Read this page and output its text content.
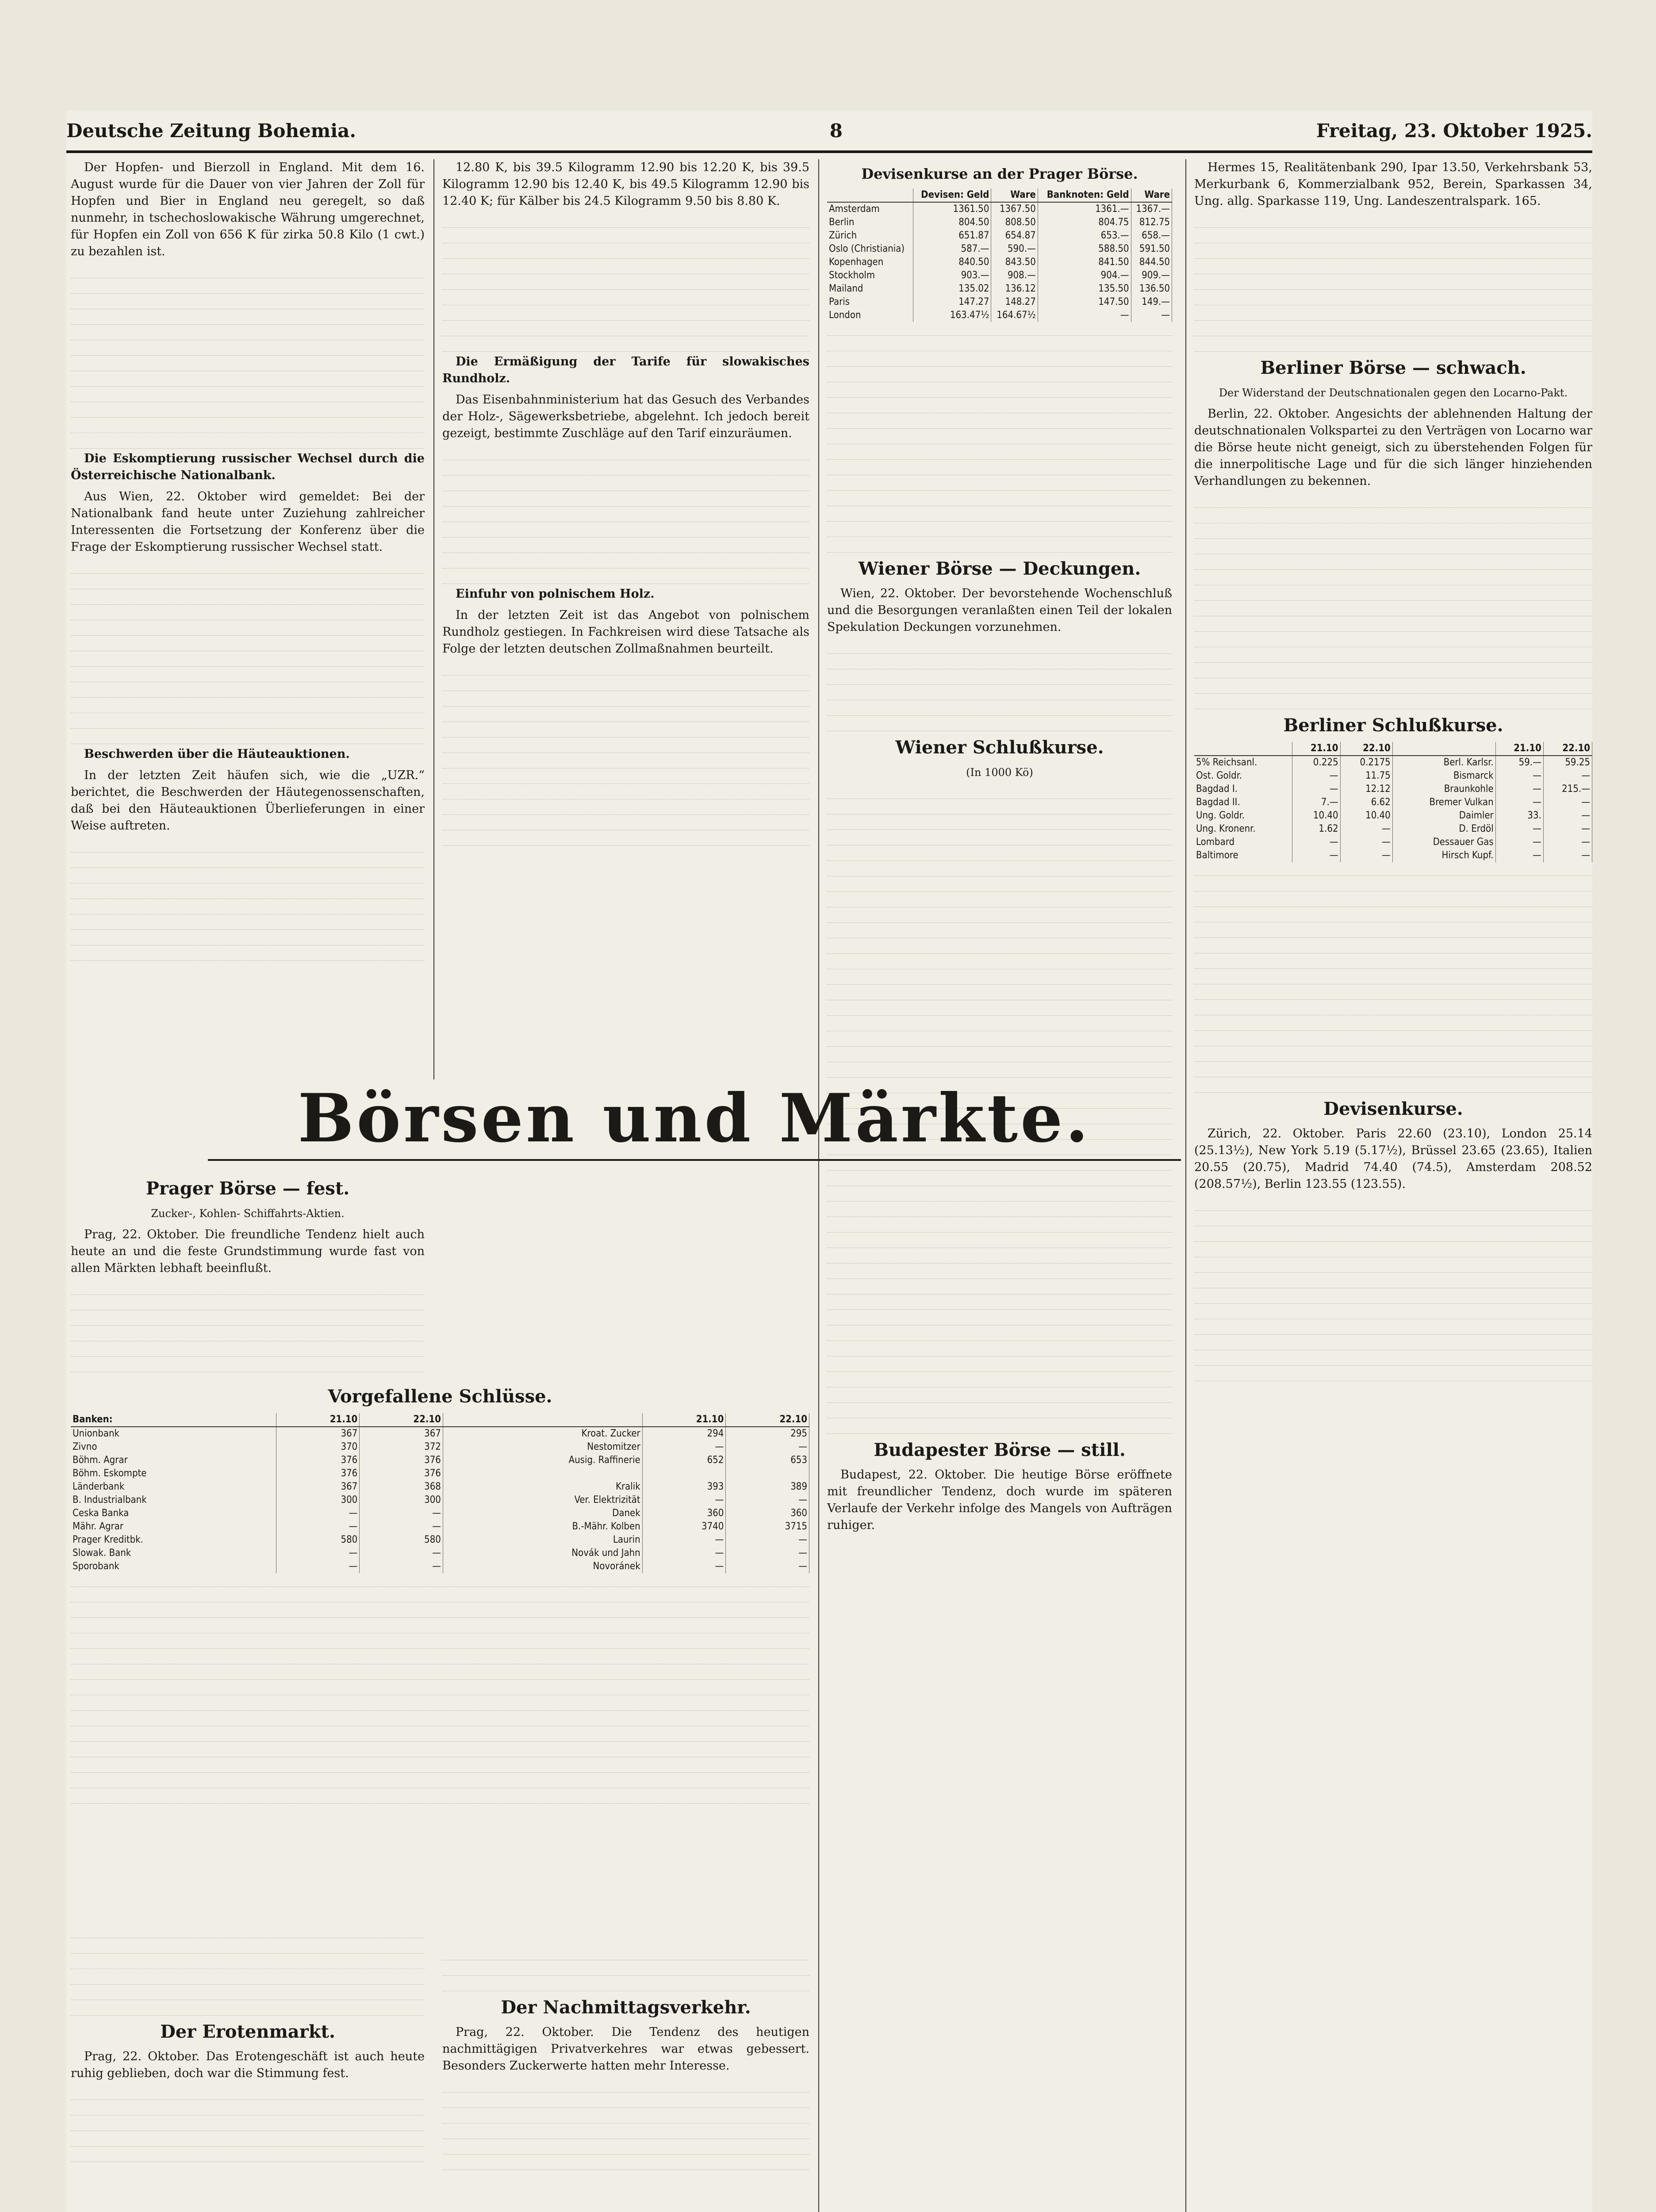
Deutsche Zeitung Bohemia.	8	Freitag, 23. Oktober 1925.

Der Hopfen- und Bierzoll in England. Mit dem 16. August wurde für die Dauer von vier Jahren der Zoll für Hopfen und Bier in England neu geregelt, so daß nunmehr, in tschechoslowakische Währung umgerechnet, für Hopfen ein Zoll von 656 K für zirka 50.8 Kilo (1 cwt.) zu bezahlen ist.

Die Eskomptierung russischer Wechsel durch die Österreichische Nationalbank.

Aus Wien, 22. Oktober wird gemeldet: Bei der Nationalbank fand heute unter Zuziehung zahlreicher Interessenten die Fortsetzung der Konferenz über die Frage der Eskomptierung russischer Wechsel statt.

Beschwerden über die Häuteauktionen.

In der letzten Zeit häufen sich, wie die „UZR.“ berichtet, die Beschwerden der Häutegenossenschaften, daß bei den Häuteauktionen Überlieferungen in einer Weise auftreten.

12.80 K, bis 39.5 Kilogramm 12.90 bis 12.20 K, bis 39.5 Kilogramm 12.90 bis 12.40 K, bis 49.5 Kilogramm 12.90 bis 12.40 K; für Kälber bis 24.5 Kilogramm 9.50 bis 8.80 K.

Die Ermäßigung der Tarife für slowakisches Rundholz.

Das Eisenbahnministerium hat das Gesuch des Verbandes der Holz-, Sägewerksbetriebe, abgelehnt. Ich jedoch bereit gezeigt, bestimmte Zuschläge auf den Tarif einzuräumen.

Einfuhr von polnischem Holz.

In der letzten Zeit ist das Angebot von polnischem Rundholz gestiegen. In Fachkreisen wird diese Tatsache als Folge der letzten deutschen Zollmaßnahmen beurteilt.

Devisenkurse an der Prager Börse.
	Devisen: Geld	Ware	Banknoten: Geld	Ware
Amsterdam	1361.50	1367.50	1361.—	1367.—
Berlin	804.50	808.50	804.75	812.75
Zürich	651.87	654.87	653.—	658.—
Oslo (Christiania)	587.—	590.—	588.50	591.50
Kopenhagen	840.50	843.50	841.50	844.50
Stockholm	903.—	908.—	904.—	909.—
Mailand	135.02	136.12	135.50	136.50
Paris	147.27	148.27	147.50	149.—
London	163.47½	164.67½	—	—
Wiener Börse — Deckungen.

Wien, 22. Oktober. Der bevorstehende Wochenschluß und die Besorgungen veranlaßten einen Teil der lokalen Spekulation Deckungen vorzunehmen.

Wiener Schlußkurse.
(In 1000 Kö)
Budapester Börse — still.

Budapest, 22. Oktober. Die heutige Börse eröffnete mit freundlicher Tendenz, doch wurde im späteren Verlaufe der Verkehr infolge des Mangels von Aufträgen ruhiger.

Hermes 15, Realitätenbank 290, Ipar 13.50, Verkehrsbank 53, Merkurbank 6, Kommerzialbank 952, Berein, Sparkassen 34, Ung. allg. Sparkasse 119, Ung. Landeszentralspark. 165.

Berliner Börse — schwach.
Der Widerstand der Deutschnationalen gegen den Locarno-Pakt.

Berlin, 22. Oktober. Angesichts der ablehnenden Haltung der deutschnationalen Volkspartei zu den Verträgen von Locarno war die Börse heute nicht geneigt, sich zu überstehenden Folgen für die innerpolitische Lage und für die sich länger hinziehenden Verhandlungen zu bekennen.

Berliner Schlußkurse.
	21.10	22.10		21.10	22.10
5% Reichsanl.	0.225	0.2175	Berl. Karlsr.	59.—	59.25
Ost. Goldr.	—	11.75	Bismarck	—	—
Bagdad I.	—	12.12	Braunkohle	—	215.—
Bagdad II.	7.—	6.62	Bremer Vulkan	—	—
Ung. Goldr.	10.40	10.40	Daimler	33.	—
Ung. Kronenr.	1.62	—	D. Erdöl	—	—
Lombard	—	—	Dessauer Gas	—	—
Baltimore	—	—	Hirsch Kupf.	—	—
Devisenkurse.

Zürich, 22. Oktober. Paris 22.60 (23.10), London 25.14 (25.13½), New York 5.19 (5.17½), Brüssel 23.65 (23.65), Italien 20.55 (20.75), Madrid 74.40 (74.5), Amsterdam 208.52 (208.57½), Berlin 123.55 (123.55).

Börsen und Märkte.
Prager Börse — fest.
Zucker-, Kohlen- Schiffahrts-Aktien.

Prag, 22. Oktober. Die freundliche Tendenz hielt auch heute an und die feste Grundstimmung wurde fast von allen Märkten lebhaft beeinflußt.

Vorgefallene Schlüsse.
Banken:	21.10	22.10		21.10	22.10
Unionbank	367	367	Kroat. Zucker	294	295
Zivno	370	372	Nestomitzer	—	—
Böhm. Agrar	376	376	Ausig. Raffinerie	652	653
Böhm. Eskompte	376	376			
Länderbank	367	368	Kralik	393	389
B. Industrialbank	300	300	Ver. Elektrizität	—	—
Ceska Banka	—	—	Danek	360	360
Mähr. Agrar	—	—	B.-Mähr. Kolben	3740	3715
Prager Kreditbk.	580	580	Laurin	—	—
Slowak. Bank	—	—	Novák und Jahn	—	—
Sporobank	—	—	Novoránek	—	—
Der Erotenmarkt.

Prag, 22. Oktober. Das Erotengeschäft ist auch heute ruhig geblieben, doch war die Stimmung fest.

Der Nachmittagsverkehr.

Prag, 22. Oktober. Die Tendenz des heutigen nachmittägigen Privatverkehres war etwas gebessert. Besonders Zuckerwerte hatten mehr Interesse.
